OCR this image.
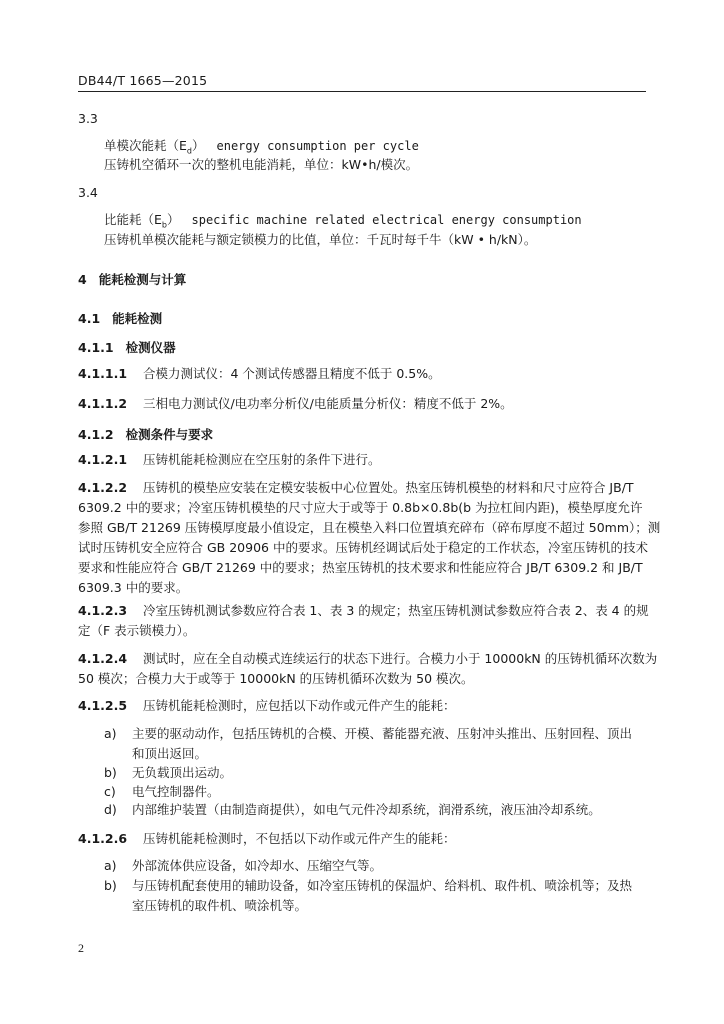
DB44/T 1665—2015
3.3
单模次能耗$(E_d)$ energy consumption per cycle
压铸机空循环一次的整机电能消耗，单位：kW•h/模次。
3.4
比能耗$(E_b)$ specific machine related electrical energy consumption
压铸机单模次能耗与额定锁模力的比值，单位：千瓦时每千牛（kW • h/kN）。
4 能耗检测与计算
4.1 能耗检测
4.1.1 检测仪器
4.1.1.1 合模力测试仪：4 个测试传感器且精度不低于 0.5%。
4.1.1.2 三相电力测试仪/电功率分析仪/电能质量分析仪：精度不低于 2%。
4.1.2 检测条件与要求
4.1.2.1 压铸机能耗检测应在空压射的条件下进行。
4.1.2.2 压铸机的模垫应安装在定模安装板中心位置处。热室压铸机模垫的材料和尺寸应符合 JB/T
6309.2 中的要求；冷室压铸机模垫的尺寸应大于或等于 0.8b×0.8b(b 为拉杠间内距)，模垫厚度允许
参照 GB/T 21269 压铸模厚度最小值设定，且在模垫入料口位置填充碎布（碎布厚度不超过 50mm）；测
试时压铸机安全应符合 GB 20906 中的要求。压铸机经调试后处于稳定的工作状态，冷室压铸机的技术
要求和性能应符合 GB/T 21269 中的要求；热室压铸机的技术要求和性能应符合 JB/T 6309.2 和 JB/T
6309.3 中的要求。
4.1.2.3 冷室压铸机测试参数应符合表 1、表 3 的规定；热室压铸机测试参数应符合表 2、表 4 的规
定（F 表示锁模力）。
4.1.2.4 测试时，应在全自动模式连续运行的状态下进行。合模力小于 10000kN 的压铸机循环次数为
50 模次；合模力大于或等于 10000kN 的压铸机循环次数为 50 模次。
4.1.2.5 压铸机能耗检测时，应包括以下动作或元件产生的能耗：
a)	主要的驱动动作，包括压铸机的合模、开模、蓄能器充液、压射冲头推出、压射回程、顶出
和顶出返回。
b)	无负载顶出运动。
c)	电气控制器件。
d)	内部维护装置（由制造商提供），如电气元件冷却系统，润滑系统，液压油冷却系统。
4.1.2.6 压铸机能耗检测时，不包括以下动作或元件产生的能耗：
a)	外部流体供应设备，如冷却水、压缩空气等。
b)	与压铸机配套使用的辅助设备，如冷室压铸机的保温炉、给料机、取件机、喷涂机等；及热
室压铸机的取件机、喷涂机等。
2
